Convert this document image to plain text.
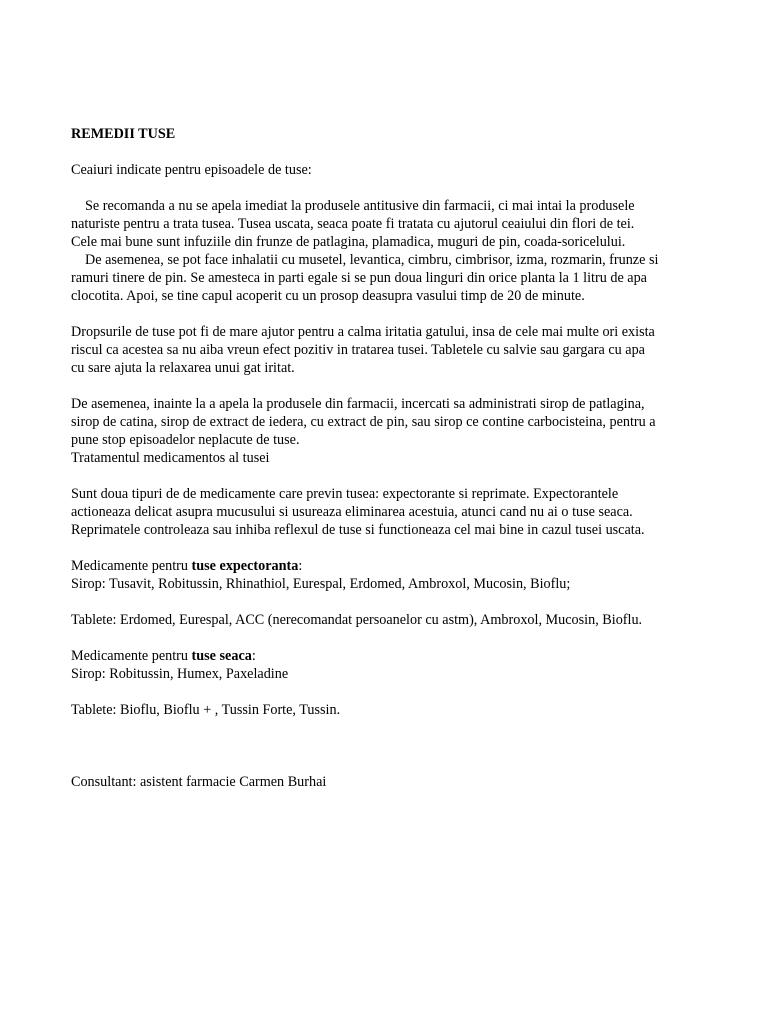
REMEDII TUSE
Ceaiuri indicate pentru episoadele de tuse:
Se recomanda a nu se apela imediat la produsele antitusive din farmacii, ci mai intai la produsele
naturiste pentru a trata tusea. Tusea uscata, seaca poate fi tratata cu ajutorul ceaiului din flori de tei.
Cele mai bune sunt infuziile din frunze de patlagina, plamadica, muguri de pin, coada-soricelului.
De asemenea, se pot face inhalatii cu musetel, levantica, cimbru, cimbrisor, izma, rozmarin, frunze si
ramuri tinere de pin. Se amesteca in parti egale si se pun doua linguri din orice planta la 1 litru de apa
clocotita. Apoi, se tine capul acoperit cu un prosop deasupra vasului timp de 20 de minute.
Dropsurile de tuse pot fi de mare ajutor pentru a calma iritatia gatului, insa de cele mai multe ori exista
riscul ca acestea sa nu aiba vreun efect pozitiv in tratarea tusei. Tabletele cu salvie sau gargara cu apa
cu sare ajuta la relaxarea unui gat iritat.
De asemenea, inainte la a apela la produsele din farmacii, incercati sa administrati sirop de patlagina,
sirop de catina, sirop de extract de iedera, cu extract de pin, sau sirop ce contine carbocisteina, pentru a
pune stop episoadelor neplacute de tuse.
Tratamentul medicamentos al tusei
Sunt doua tipuri de de medicamente care previn tusea: expectorante si reprimate. Expectorantele
actioneaza delicat asupra mucusului si usureaza eliminarea acestuia, atunci cand nu ai o tuse seaca.
Reprimatele controleaza sau inhiba reflexul de tuse si functioneaza cel mai bine in cazul tusei uscata.
Medicamente pentru tuse expectoranta:
Sirop: Tusavit, Robitussin, Rhinathiol, Eurespal, Erdomed, Ambroxol, Mucosin, Bioflu;
Tablete: Erdomed, Eurespal, ACC (nerecomandat persoanelor cu astm), Ambroxol, Mucosin, Bioflu.
Medicamente pentru tuse seaca:
Sirop: Robitussin, Humex, Paxeladine
Tablete: Bioflu, Bioflu + , Tussin Forte, Tussin.
Consultant: asistent farmacie Carmen Burhai
